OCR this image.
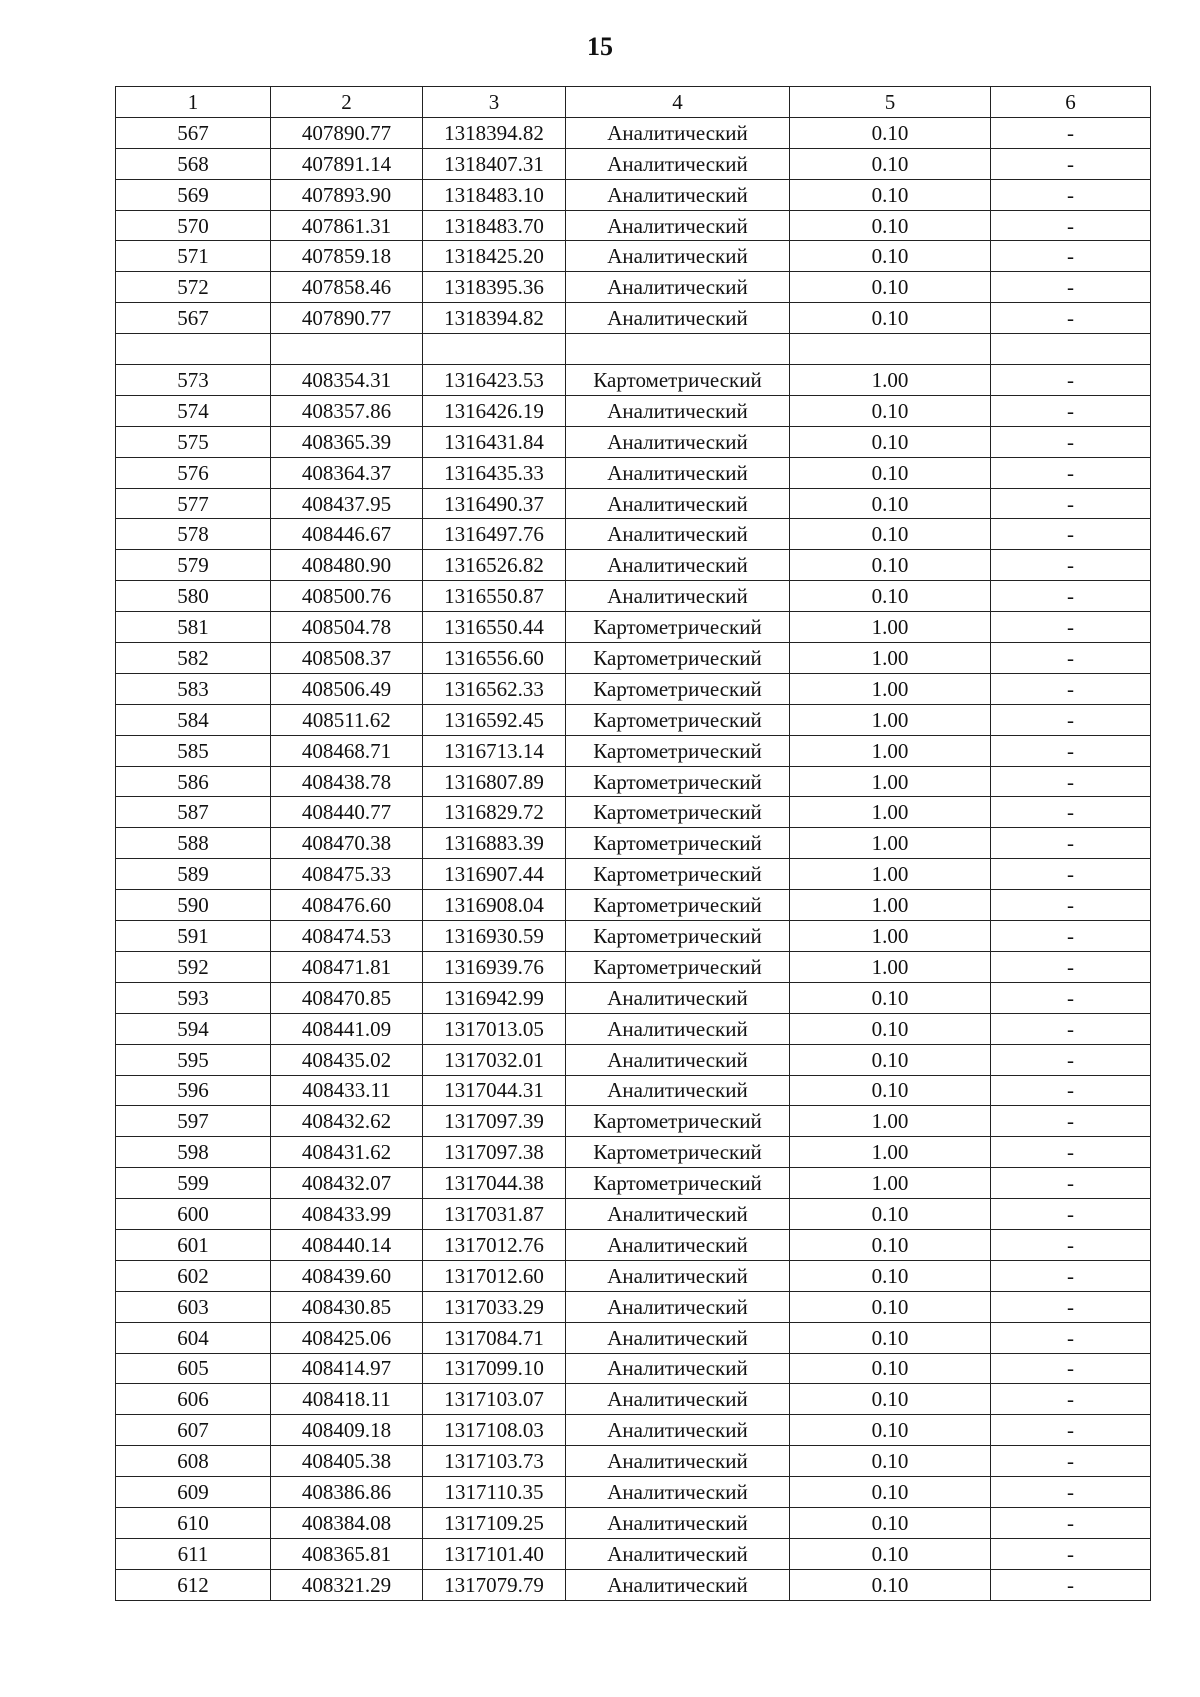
15
1	2	3	4	5	6
567	407890.77	1318394.82	Аналитический	0.10	-
568	407891.14	1318407.31	Аналитический	0.10	-
569	407893.90	1318483.10	Аналитический	0.10	-
570	407861.31	1318483.70	Аналитический	0.10	-
571	407859.18	1318425.20	Аналитический	0.10	-
572	407858.46	1318395.36	Аналитический	0.10	-
567	407890.77	1318394.82	Аналитический	0.10	-

573	408354.31	1316423.53	Картометрический	1.00	-
574	408357.86	1316426.19	Аналитический	0.10	-
575	408365.39	1316431.84	Аналитический	0.10	-
576	408364.37	1316435.33	Аналитический	0.10	-
577	408437.95	1316490.37	Аналитический	0.10	-
578	408446.67	1316497.76	Аналитический	0.10	-
579	408480.90	1316526.82	Аналитический	0.10	-
580	408500.76	1316550.87	Аналитический	0.10	-
581	408504.78	1316550.44	Картометрический	1.00	-
582	408508.37	1316556.60	Картометрический	1.00	-
583	408506.49	1316562.33	Картометрический	1.00	-
584	408511.62	1316592.45	Картометрический	1.00	-
585	408468.71	1316713.14	Картометрический	1.00	-
586	408438.78	1316807.89	Картометрический	1.00	-
587	408440.77	1316829.72	Картометрический	1.00	-
588	408470.38	1316883.39	Картометрический	1.00	-
589	408475.33	1316907.44	Картометрический	1.00	-
590	408476.60	1316908.04	Картометрический	1.00	-
591	408474.53	1316930.59	Картометрический	1.00	-
592	408471.81	1316939.76	Картометрический	1.00	-
593	408470.85	1316942.99	Аналитический	0.10	-
594	408441.09	1317013.05	Аналитический	0.10	-
595	408435.02	1317032.01	Аналитический	0.10	-
596	408433.11	1317044.31	Аналитический	0.10	-
597	408432.62	1317097.39	Картометрический	1.00	-
598	408431.62	1317097.38	Картометрический	1.00	-
599	408432.07	1317044.38	Картометрический	1.00	-
600	408433.99	1317031.87	Аналитический	0.10	-
601	408440.14	1317012.76	Аналитический	0.10	-
602	408439.60	1317012.60	Аналитический	0.10	-
603	408430.85	1317033.29	Аналитический	0.10	-
604	408425.06	1317084.71	Аналитический	0.10	-
605	408414.97	1317099.10	Аналитический	0.10	-
606	408418.11	1317103.07	Аналитический	0.10	-
607	408409.18	1317108.03	Аналитический	0.10	-
608	408405.38	1317103.73	Аналитический	0.10	-
609	408386.86	1317110.35	Аналитический	0.10	-
610	408384.08	1317109.25	Аналитический	0.10	-
611	408365.81	1317101.40	Аналитический	0.10	-
612	408321.29	1317079.79	Аналитический	0.10	-
